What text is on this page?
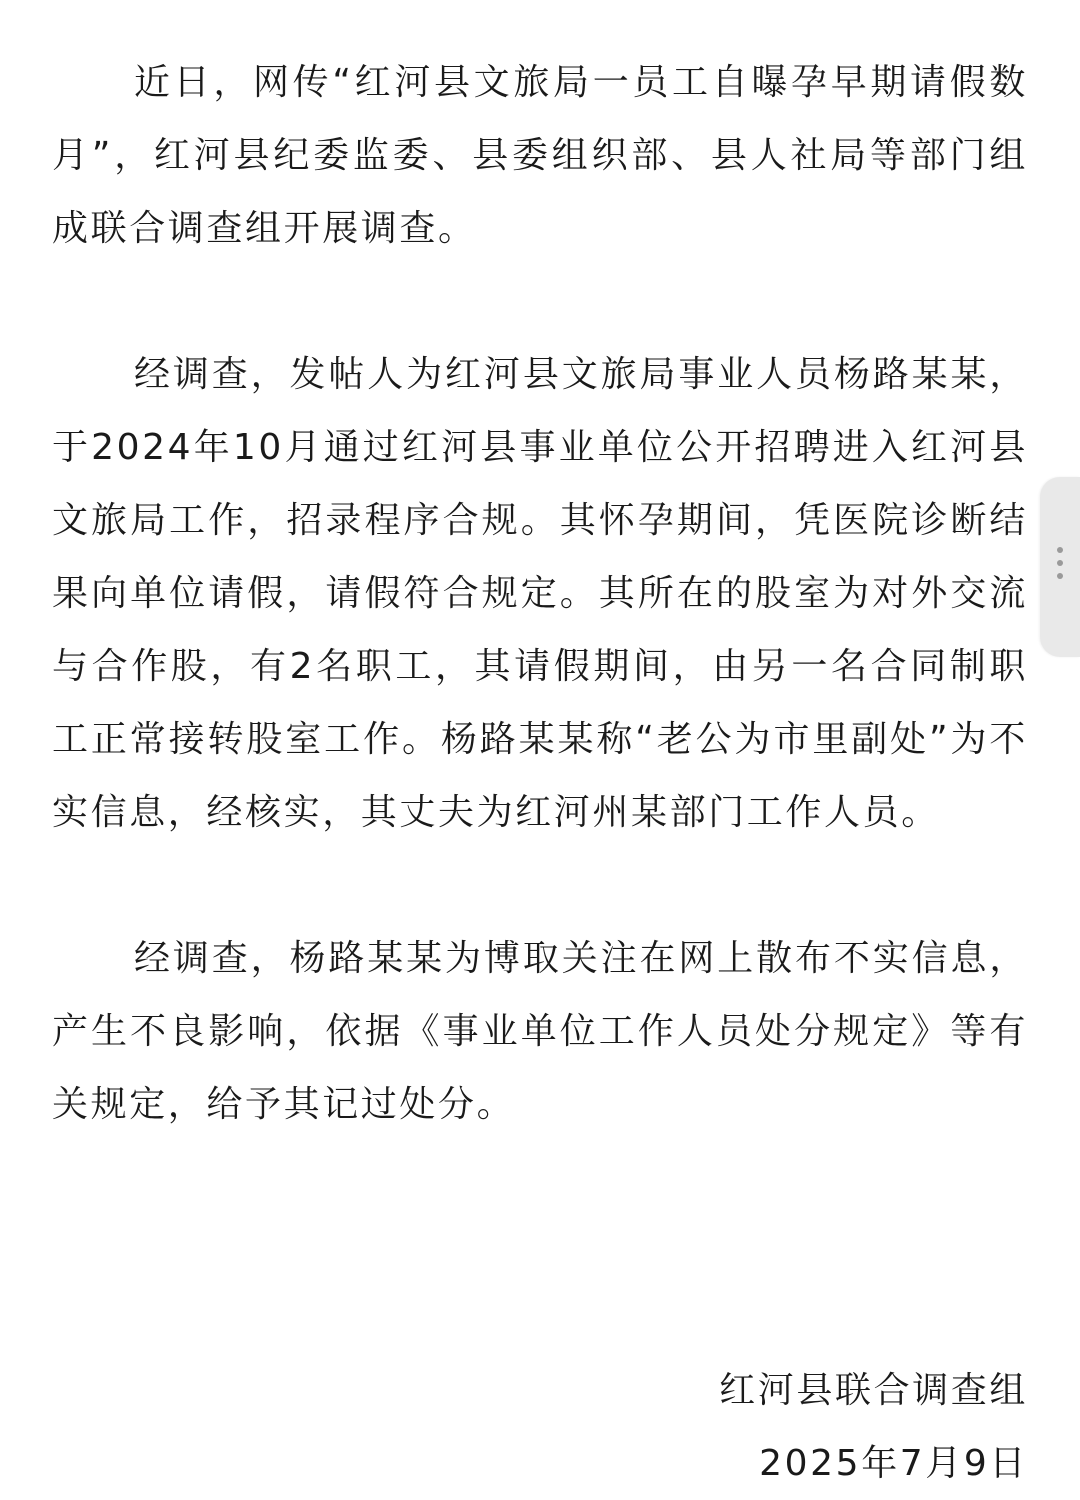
近日，网传“红河县文旅局一员工自曝孕早期请假数月”，红河县纪委监委、县委组织部、县人社局等部门组成联合调查组开展调查。

经调查，发帖人为红河县文旅局事业人员杨路某某，于2024年10月通过红河县事业单位公开招聘进入红河县文旅局工作，招录程序合规。其怀孕期间，凭医院诊断结果向单位请假，请假符合规定。其所在的股室为对外交流与合作股，有2名职工，其请假期间，由另一名合同制职工正常接转股室工作。杨路某某称“老公为市里副处”为不实信息，经核实，其丈夫为红河州某部门工作人员。

经调查，杨路某某为博取关注在网上散布不实信息，产生不良影响，依据《事业单位工作人员处分规定》等有关规定，给予其记过处分。

红河县联合调查组
2025年7月9日
